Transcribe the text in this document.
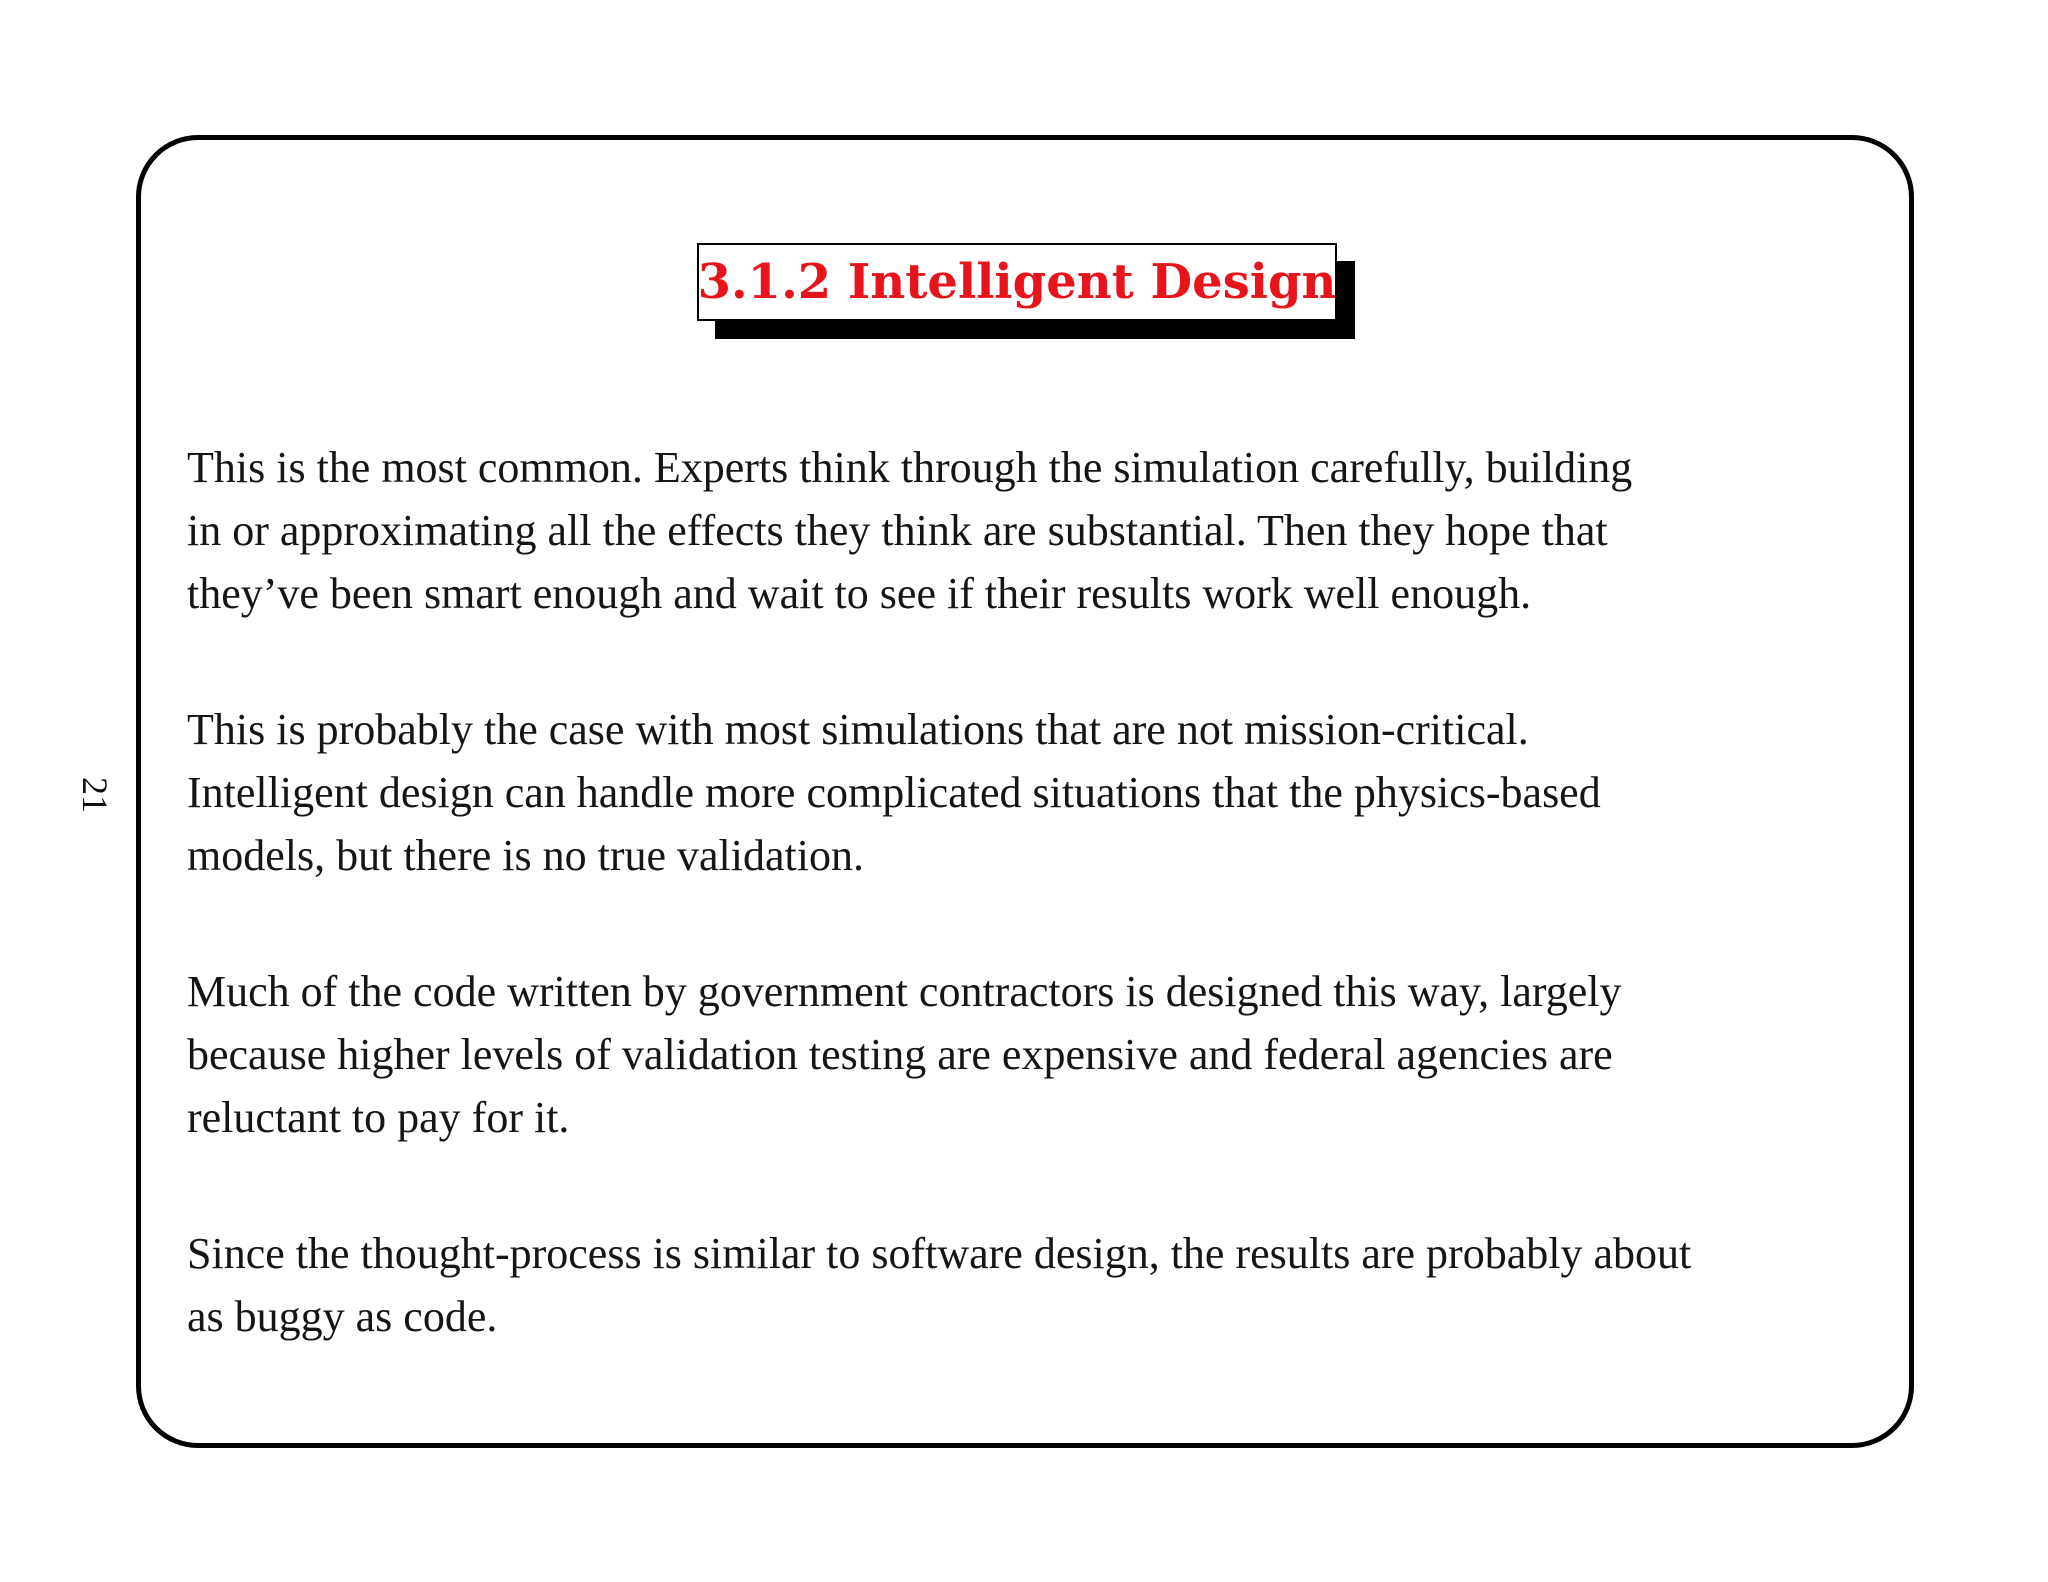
21
3.1.2 Intelligent Design

This is the most common. Experts think through the simulation carefully, building
in or approximating all the effects they think are substantial. Then they hope that
they’ve been smart enough and wait to see if their results work well enough.

This is probably the case with most simulations that are not mission-critical.
Intelligent design can handle more complicated situations that the physics-based
models, but there is no true validation.

Much of the code written by government contractors is designed this way, largely
because higher levels of validation testing are expensive and federal agencies are
reluctant to pay for it.

Since the thought-process is similar to software design, the results are probably about
as buggy as code.
